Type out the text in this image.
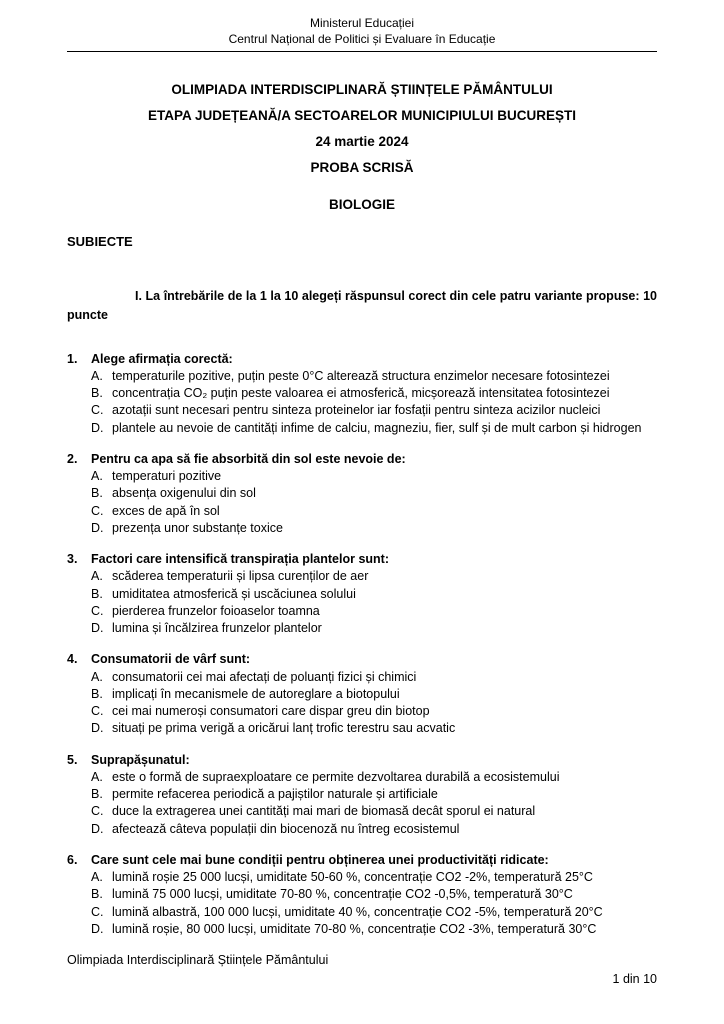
Ministerul Educației
Centrul Național de Politici și Evaluare în Educație
OLIMPIADA INTERDISCIPLINARĂ ȘTIINȚELE PĂMÂNTULUI
ETAPA JUDEȚEANĂ/A SECTOARELOR MUNICIPIULUI BUCUREȘTI
24 martie 2024
PROBA SCRISĂ
BIOLOGIE
SUBIECTE
I. La întrebările de la 1 la 10 alegeți răspunsul corect din cele patru variante propuse: 10 puncte
1.	Alege afirmația corectă:
A. temperaturile pozitive, puțin peste 0°C alterează structura enzimelor necesare fotosintezei
B. concentrația CO₂ puțin peste valoarea ei atmosferică, micșorează intensitatea fotosintezei
C. azotații sunt necesari pentru sinteza proteinelor iar fosfații pentru sinteza acizilor nucleici
D. plantele au nevoie de cantități infime de calciu, magneziu, fier, sulf și de mult carbon și hidrogen
2.	Pentru ca apa să fie absorbită din sol este nevoie de:
A. temperaturi pozitive
B. absența oxigenului din sol
C. exces de apă în sol
D. prezența unor substanțe toxice
3.	Factori care intensifică transpirația plantelor sunt:
A. scăderea temperaturii și lipsa curenților de aer
B. umiditatea atmosferică și uscăciunea solului
C. pierderea frunzelor foioaselor toamna
D. lumina și încălzirea frunzelor plantelor
4.	Consumatorii de vârf sunt:
A. consumatorii cei mai afectați de poluanți fizici și chimici
B. implicați în mecanismele de autoreglare a biotopului
C. cei mai numeroși consumatori care dispar greu din biotop
D. situați pe prima verigă a oricărui lanț trofic terestru sau acvatic
5.	Suprapășunatul:
A. este o formă de supraexploatare ce permite dezvoltarea durabilă a ecosistemului
B. permite refacerea periodică a pajiștilor naturale și artificiale
C. duce la extragerea unei cantități mai mari de biomasă decât sporul ei natural
D. afectează câteva populații din biocenoză nu întreg ecosistemul
6.	Care sunt cele mai bune condiții pentru obținerea unei productivități ridicate:
A. lumină roșie 25 000 lucși, umiditate 50-60 %, concentrație CO2 -2%, temperatură 25°C
B. lumină 75 000 lucși, umiditate 70-80 %, concentrație CO2 -0,5%, temperatură 30°C
C. lumină albastră, 100 000 lucși, umiditate 40 %, concentrație CO2 -5%, temperatură 20°C
D. lumină roșie, 80 000 lucși, umiditate 70-80 %, concentrație CO2 -3%, temperatură 30°C
Olimpiada Interdisciplinară Științele Pământului
1 din 10
